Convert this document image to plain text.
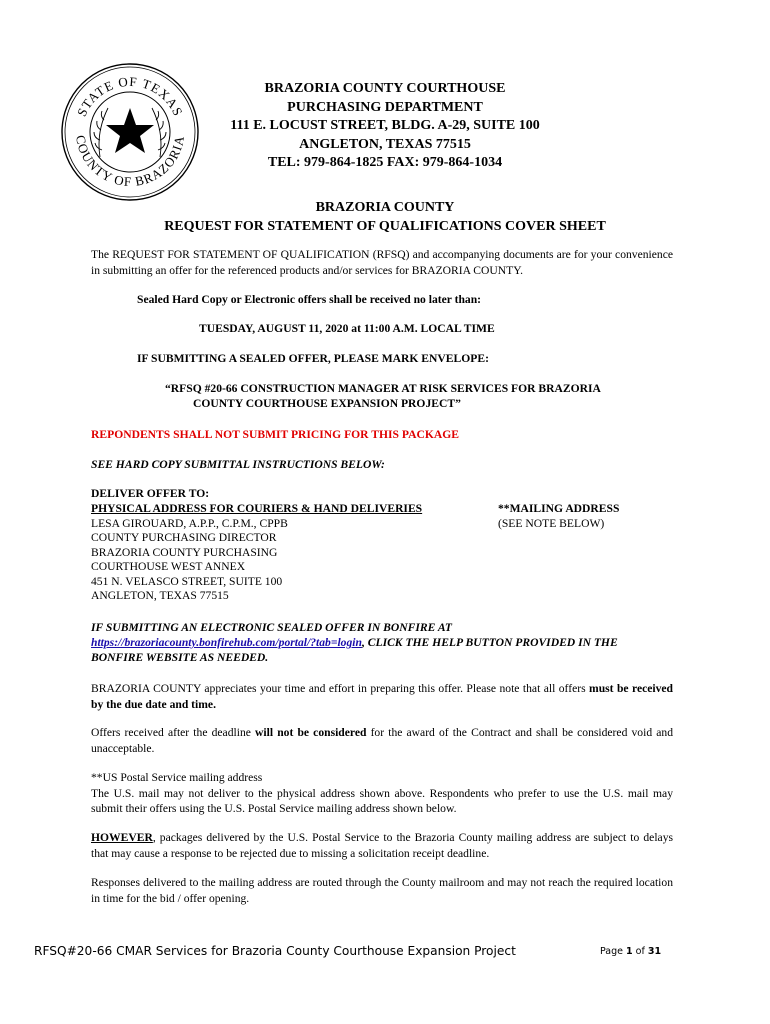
STATE OF TEXAS
COUNTY OF BRAZORIA
BRAZORIA COUNTY COURTHOUSE
PURCHASING DEPARTMENT
111 E. LOCUST STREET, BLDG. A-29, SUITE 100
ANGLETON, TEXAS 77515
TEL: 979-864-1825 FAX: 979-864-1034
BRAZORIA COUNTY
REQUEST FOR STATEMENT OF QUALIFICATIONS COVER SHEET
The REQUEST FOR STATEMENT OF QUALIFICATION (RFSQ) and accompanying documents are for your convenience in submitting an offer for the referenced products and/or services for BRAZORIA COUNTY.
Sealed Hard Copy or Electronic offers shall be received no later than:
TUESDAY, AUGUST 11, 2020 at 11:00 A.M. LOCAL TIME
IF SUBMITTING A SEALED OFFER, PLEASE MARK ENVELOPE:
“RFSQ #20-66 CONSTRUCTION MANAGER AT RISK SERVICES FOR BRAZORIA
COUNTY COURTHOUSE EXPANSION PROJECT”
REPONDENTS SHALL NOT SUBMIT PRICING FOR THIS PACKAGE
SEE HARD COPY SUBMITTAL INSTRUCTIONS BELOW:
DELIVER OFFER TO:
PHYSICAL ADDRESS FOR COURIERS & HAND DELIVERIES
LESA GIROUARD, A.P.P., C.P.M., CPPB
COUNTY PURCHASING DIRECTOR
BRAZORIA COUNTY PURCHASING
COURTHOUSE WEST ANNEX
451 N. VELASCO STREET, SUITE 100
ANGLETON, TEXAS 77515
**MAILING ADDRESS
(SEE NOTE BELOW)
IF SUBMITTING AN ELECTRONIC SEALED OFFER IN BONFIRE AT
https://brazoriacounty.bonfirehub.com/portal/?tab=login, CLICK THE HELP BUTTON PROVIDED IN THE
BONFIRE WEBSITE AS NEEDED.
BRAZORIA COUNTY appreciates your time and effort in preparing this offer. Please note that all offers must be received by the due date and time.
Offers received after the deadline will not be considered for the award of the Contract and shall be considered void and unacceptable.
**US Postal Service mailing address
The U.S. mail may not deliver to the physical address shown above. Respondents who prefer to use the U.S. mail may submit their offers using the U.S. Postal Service mailing address shown below.
HOWEVER, packages delivered by the U.S. Postal Service to the Brazoria County mailing address are subject to delays that may cause a response to be rejected due to missing a solicitation receipt deadline.
Responses delivered to the mailing address are routed through the County mailroom and may not reach the required location in time for the bid / offer opening.
RFSQ#20-66 CMAR Services for Brazoria County Courthouse Expansion Project	Page 1 of 31
